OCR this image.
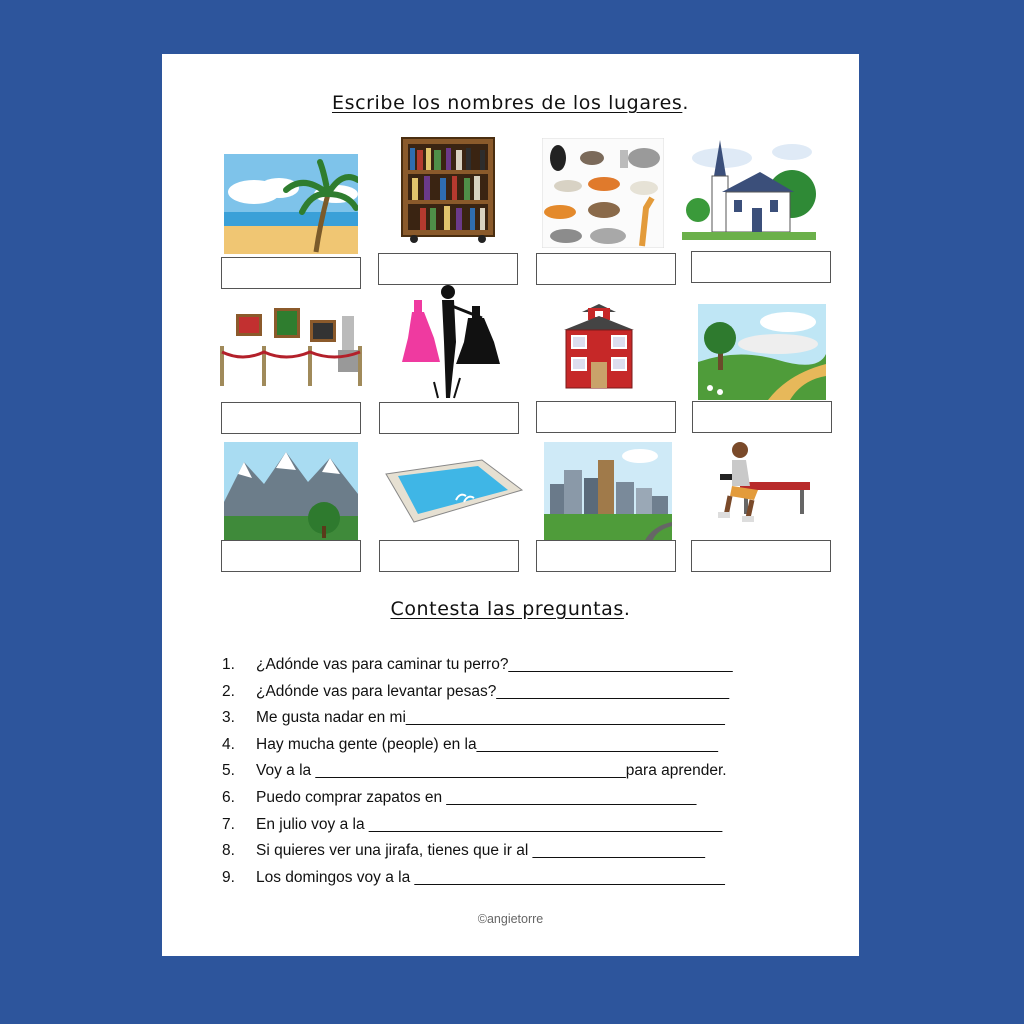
Escribe los nombres de los lugares.
Contesta las preguntas.
1. ¿Adónde vas para caminar tu perro?__________________________
2. ¿Adónde vas para levantar pesas?___________________________
3. Me gusta nadar en mi_____________________________________
4. Hay mucha gente (people) en la____________________________
5. Voy a la ____________________________________para aprender.
6. Puedo comprar zapatos en _____________________________
7. En julio voy a la _________________________________________
8. Si quieres ver una jirafa, tienes que ir al ____________________
9. Los domingos voy a la ____________________________________
©angietorre
